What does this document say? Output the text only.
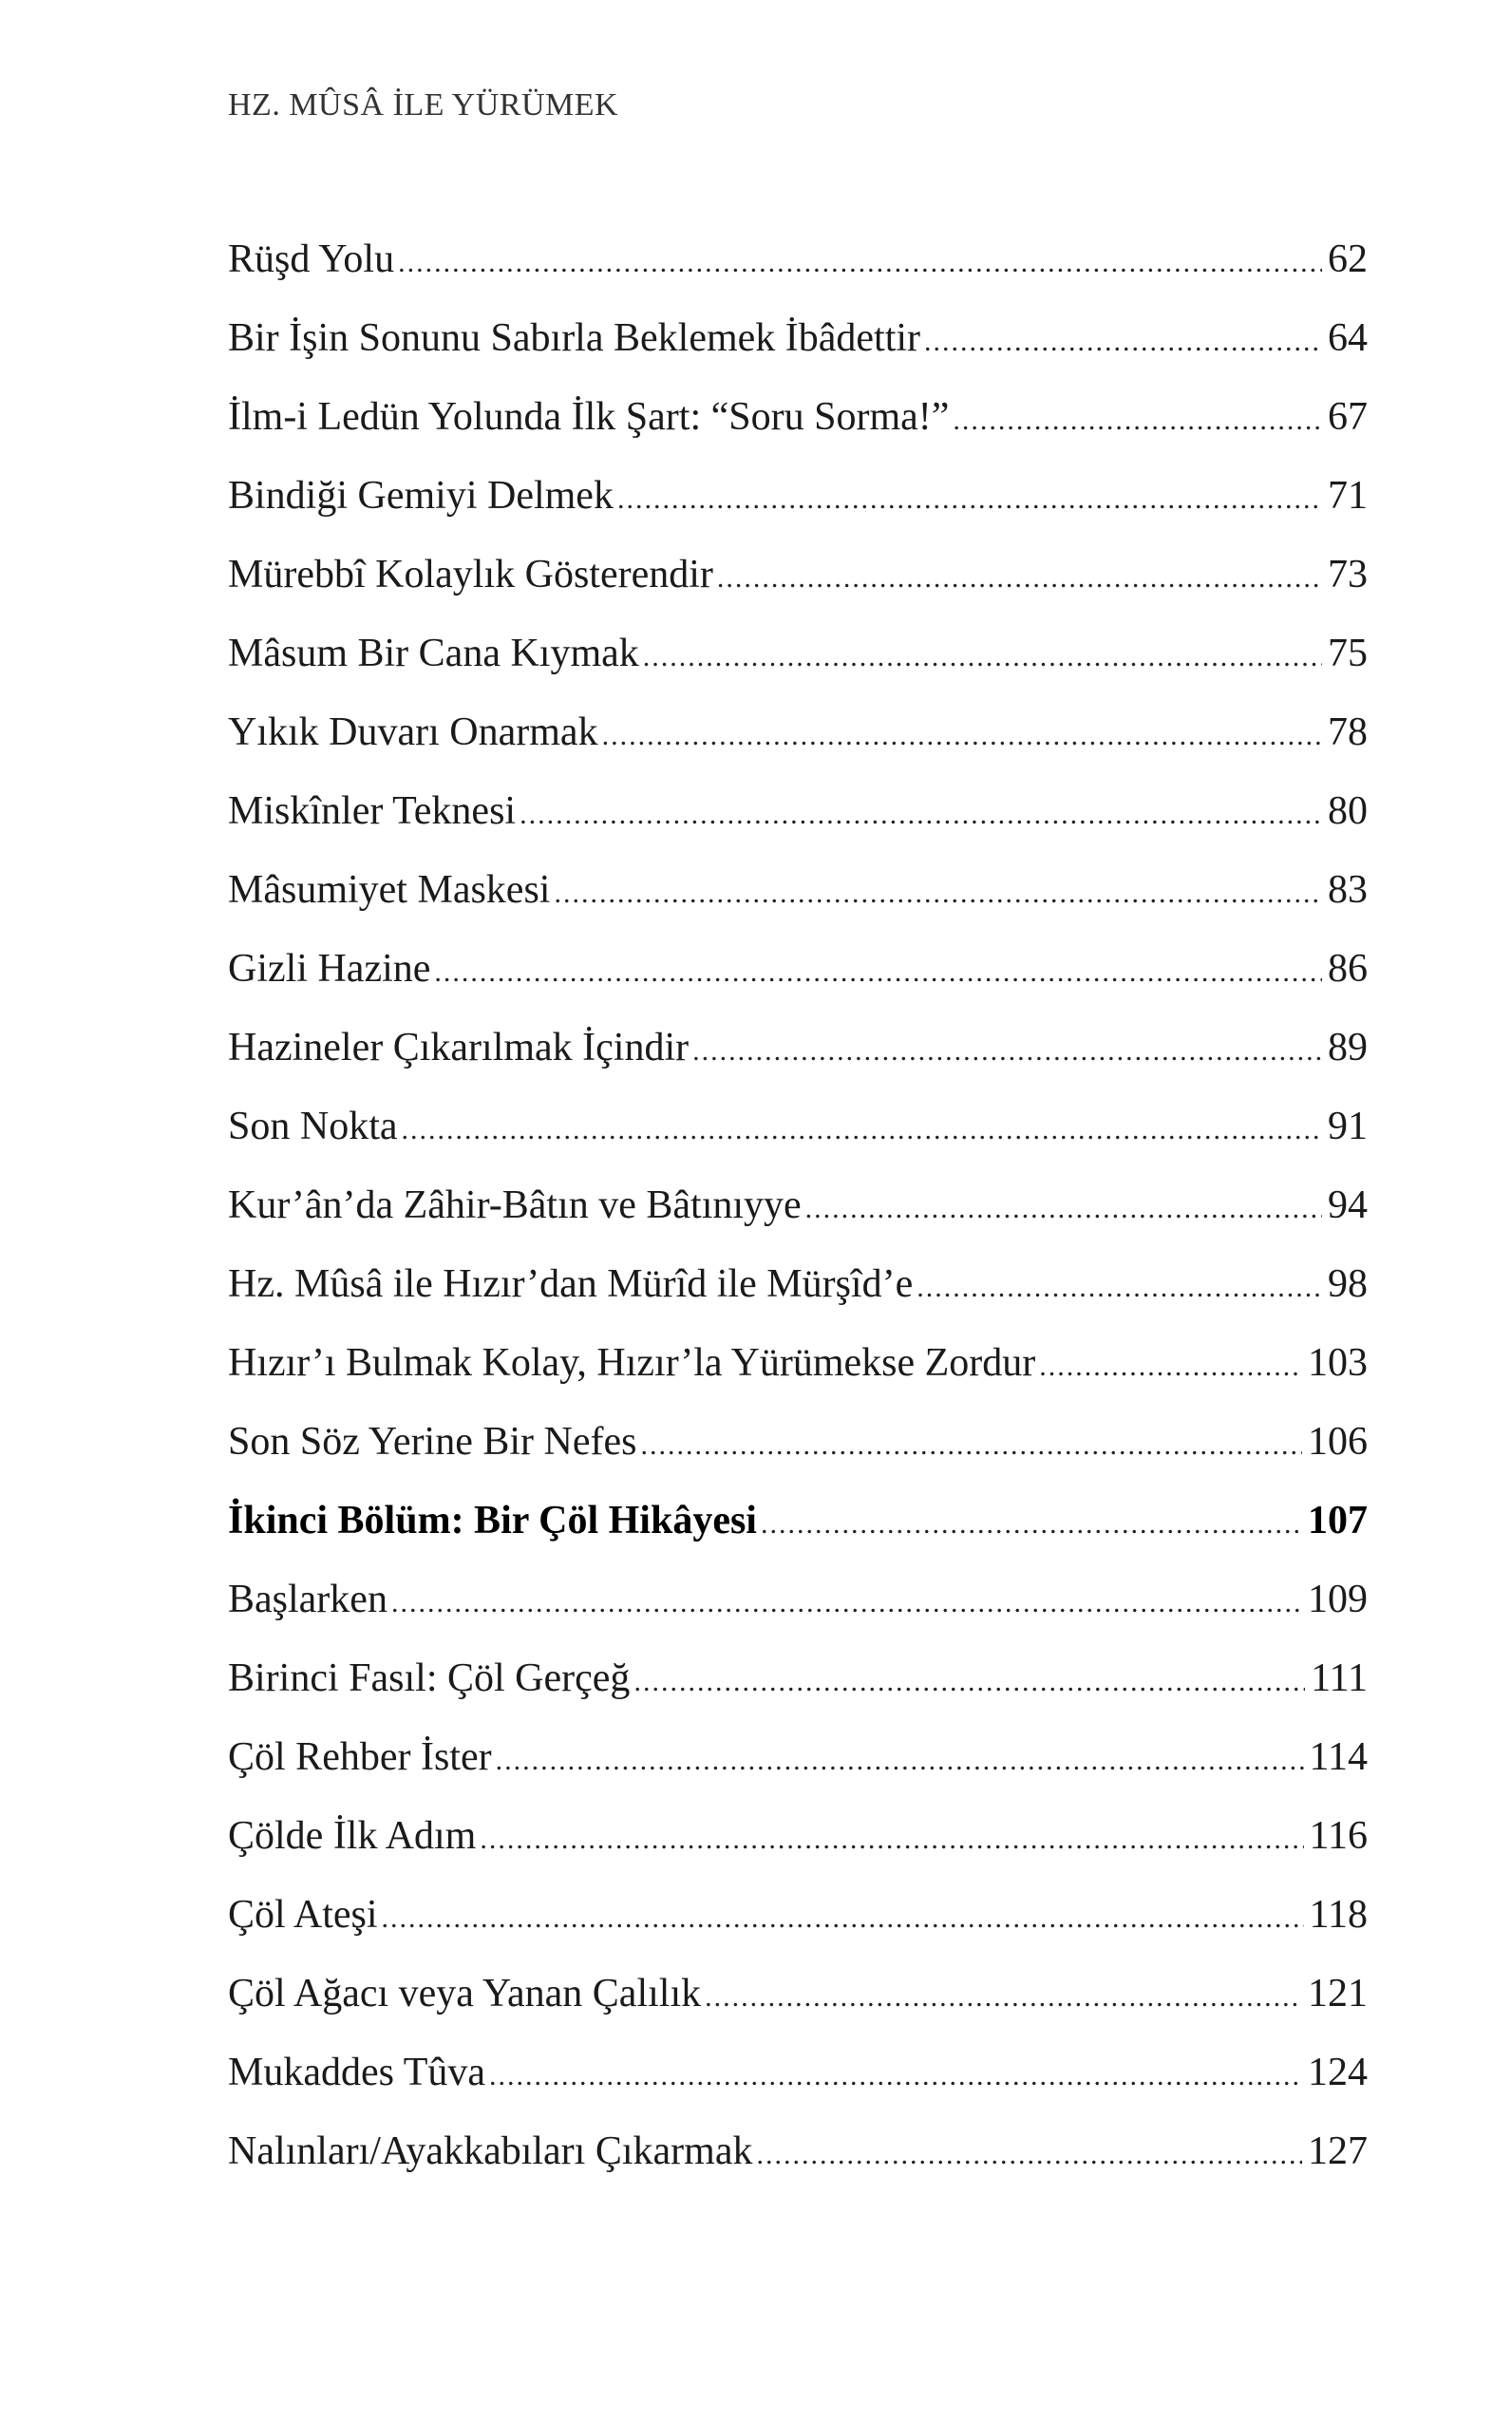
HZ. MÛSÂ İLE YÜRÜMEK
Rüşd Yolu .....	62
Bir İşin Sonunu Sabırla Beklemek İbâdettir .....	64
İlm-i Ledün Yolunda İlk Şart: “Soru Sorma!” .....	67
Bindiği Gemiyi Delmek .....	71
Mürebbî Kolaylık Gösterendir .....	73
Mâsum Bir Cana Kıymak .....	75
Yıkık Duvarı Onarmak .....	78
Miskînler Teknesi .....	80
Mâsumiyet Maskesi .....	83
Gizli Hazine .....	86
Hazineler Çıkarılmak İçindir .....	89
Son Nokta .....	91
Kur’ân’da Zâhir-Bâtın ve Bâtınıyye .....	94
Hz. Mûsâ ile Hızır’dan Mürîd ile Mürşîd’e .....	98
Hızır’ı Bulmak Kolay, Hızır’la Yürümekse Zordur .....	103
Son Söz Yerine Bir Nefes .....	106
İkinci Bölüm: Bir Çöl Hikâyesi .....	107
Başlarken .....	109
Birinci Fasıl: Çöl Gerçeğ .....	111
Çöl Rehber İster .....	114
Çölde İlk Adım .....	116
Çöl Ateşi .....	118
Çöl Ağacı veya Yanan Çalılık .....	121
Mukaddes Tûva .....	124
Nalınları/Ayakkabıları Çıkarmak .....	127
